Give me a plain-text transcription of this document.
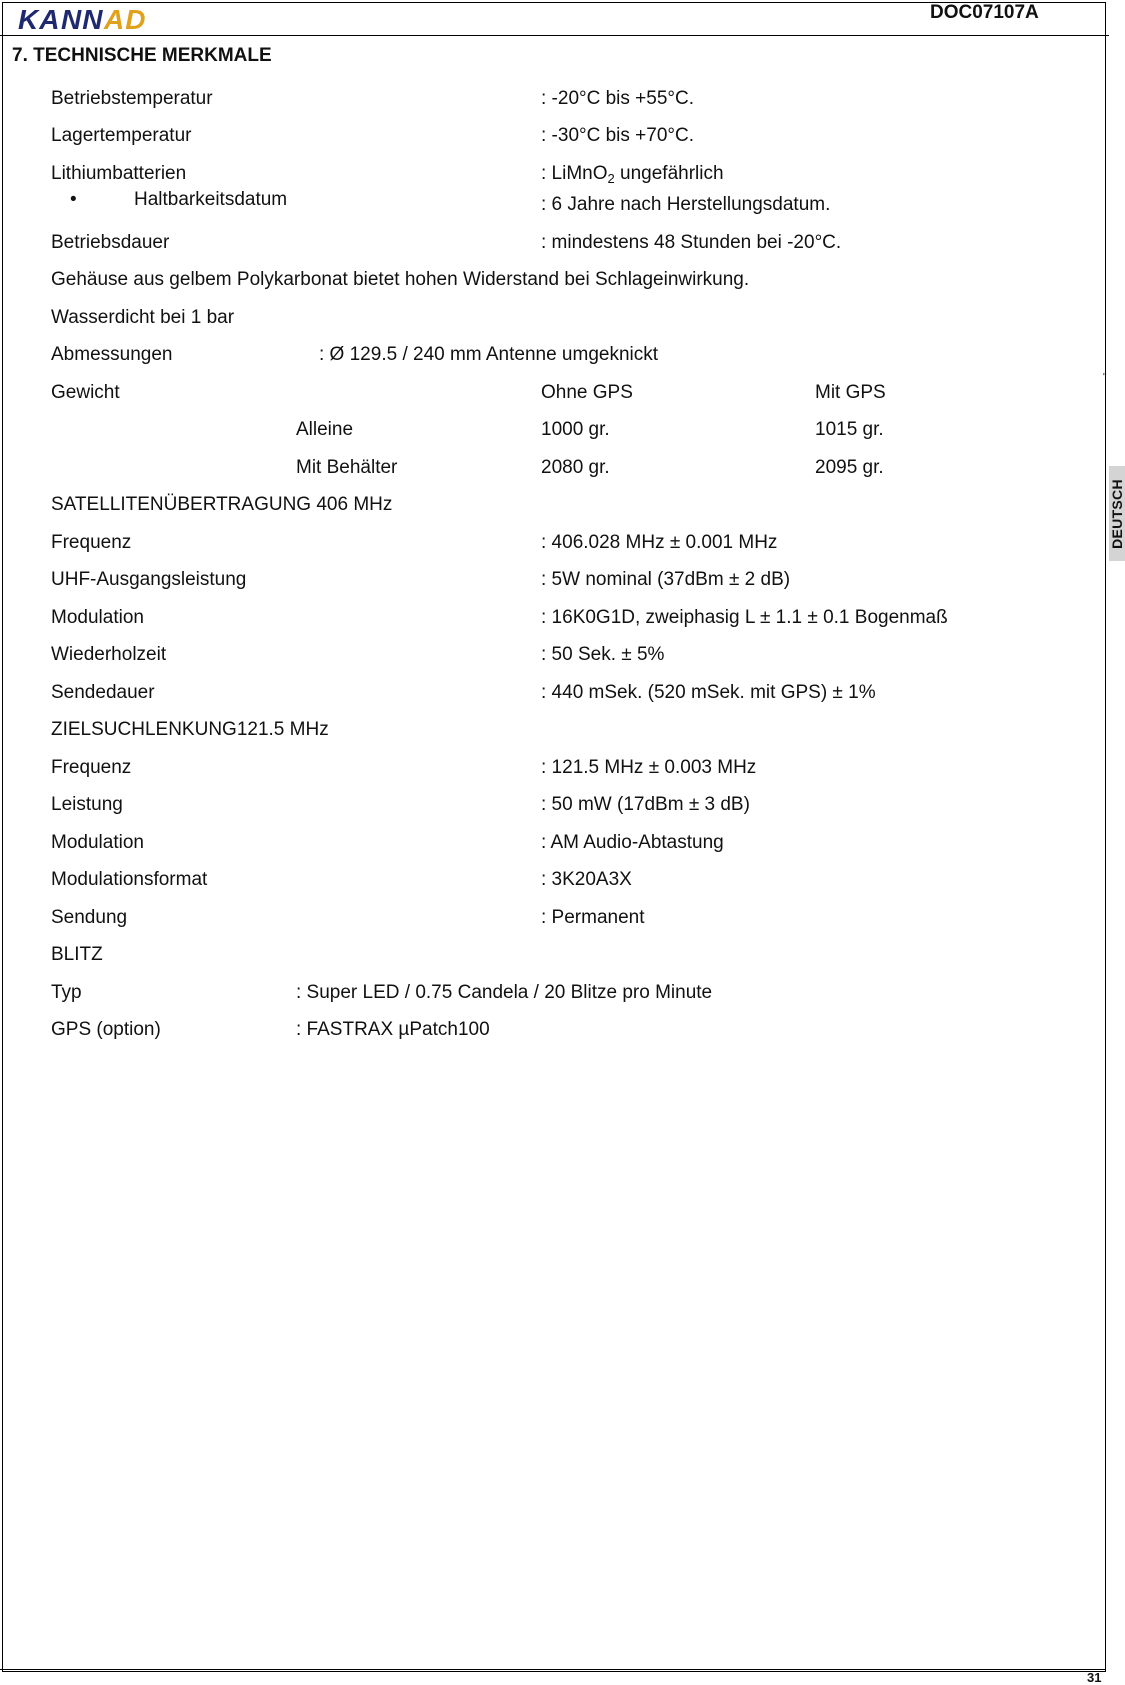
KA NN AD	DOC07107A
"
DEUTSCH
7. TECHNISCHE MERKMALE
Betriebstemperatur	: -20°C bis +55°C.
Lagertemperatur	: -30°C bis +70°C.
Lithiumbatterien	: LiMnO$_2$ ungefährlich
•	Haltbarkeitsdatum	: 6 Jahre nach Herstellungsdatum.
Betriebsdauer	: mindestens 48 Stunden bei -20°C.
Gehäuse aus gelbem Polykarbonat bietet hohen Widerstand bei Schlageinwirkung.
Wasserdicht bei 1 bar
Abmessungen	: Ø 129.5 / 240 mm Antenne umgeknickt
Gewicht	Ohne GPS	Mit GPS
Alleine	1000 gr.	1015 gr.
Mit Behälter	2080 gr.	2095 gr.
SATELLITENÜBERTRAGUNG 406 MHz
Frequenz	: 406.028 MHz ± 0.001 MHz
UHF-Ausgangsleistung	: 5W nominal (37dBm ± 2 dB)
Modulation	: 16K0G1D, zweiphasig L ± 1.1 ± 0.1 Bogenmaß
Wiederholzeit	: 50 Sek. ± 5%
Sendedauer	: 440 mSek. (520 mSek. mit GPS) ± 1%
ZIELSUCHLENKUNG121.5 MHz
Frequenz	: 121.5 MHz ± 0.003 MHz
Leistung	: 50 mW (17dBm ± 3 dB)
Modulation	: AM Audio-Abtastung
Modulationsformat	: 3K20A3X
Sendung	: Permanent
BLITZ
Typ	: Super LED / 0.75 Candela / 20 Blitze pro Minute
GPS (option)	: FASTRAX µPatch100
31
